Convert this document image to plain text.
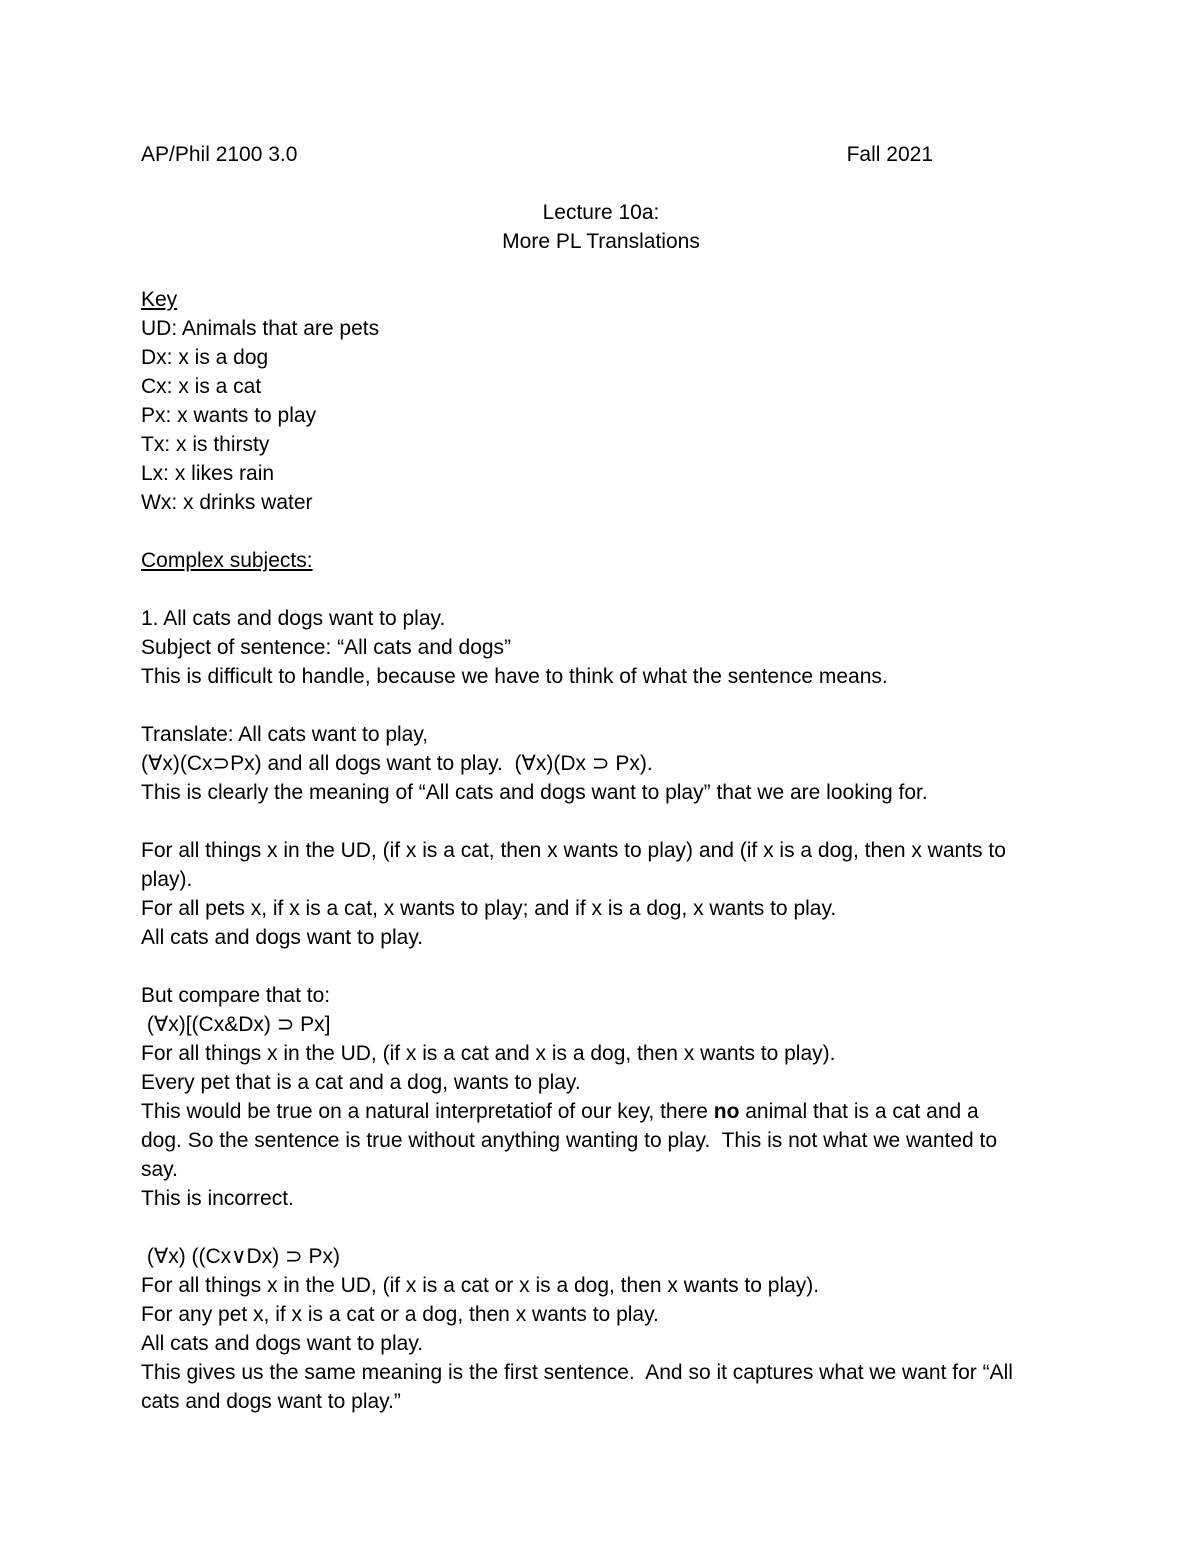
AP/Phil 2100 3.0	Fall 2021
Lecture 10a:
More PL Translations
Key
UD: Animals that are pets
Dx: x is a dog
Cx: x is a cat
Px: x wants to play
Tx: x is thirsty
Lx: x likes rain
Wx: x drinks water
Complex subjects:
1. All cats and dogs want to play.
Subject of sentence: “All cats and dogs”
This is difficult to handle, because we have to think of what the sentence means.
Translate: All cats want to play,
(∀x)(Cx⊃Px) and all dogs want to play.  (∀x)(Dx ⊃ Px).
This is clearly the meaning of “All cats and dogs want to play” that we are looking for.
For all things x in the UD, (if x is a cat, then x wants to play) and (if x is a dog, then x wants to
play).
For all pets x, if x is a cat, x wants to play; and if x is a dog, x wants to play.
All cats and dogs want to play.
But compare that to:
(∀x)[(Cx&Dx) ⊃ Px]
For all things x in the UD, (if x is a cat and x is a dog, then x wants to play).
Every pet that is a cat and a dog, wants to play.
This would be true on a natural interpretatiof of our key, there no animal that is a cat and a
dog. So the sentence is true without anything wanting to play.  This is not what we wanted to
say.
This is incorrect.
(∀x) ((Cx∨Dx) ⊃ Px)
For all things x in the UD, (if x is a cat or x is a dog, then x wants to play).
For any pet x, if x is a cat or a dog, then x wants to play.
All cats and dogs want to play.
This gives us the same meaning is the first sentence.  And so it captures what we want for “All
cats and dogs want to play.”
